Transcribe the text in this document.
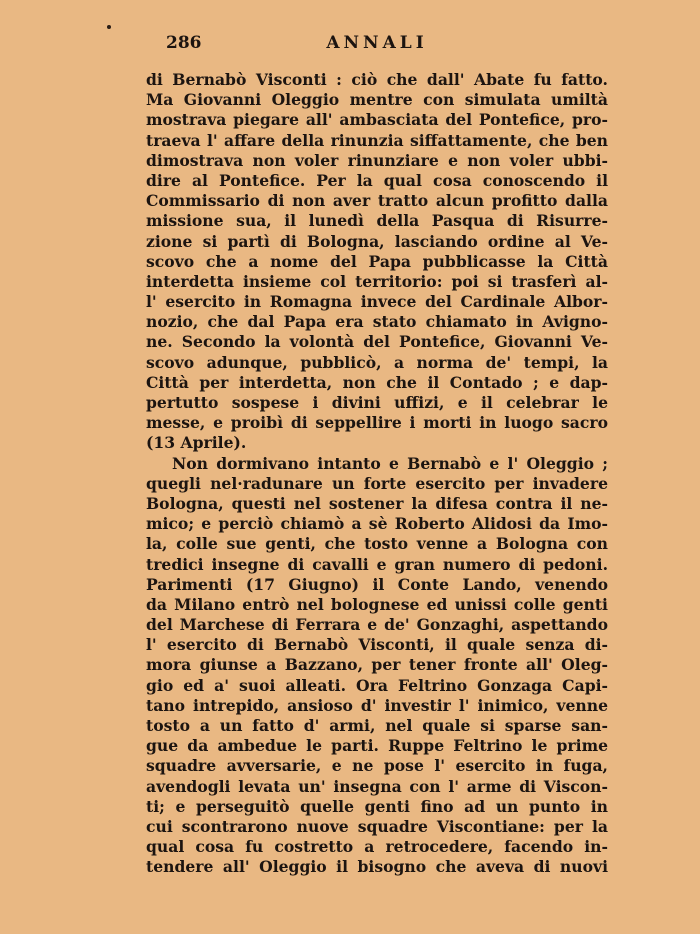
286	ANNALI
di Bernabò Visconti : ciò che dall' Abate fu fatto.
Ma Giovanni Oleggio mentre con simulata umiltà
mostrava piegare all' ambasciata del Pontefice, pro-
traeva l' affare della rinunzia siffattamente, che ben
dimostrava non voler rinunziare e non voler ubbi-
dire al Pontefice. Per la qual cosa conoscendo il
Commissario di non aver tratto alcun profitto dalla
missione sua, il lunedì della Pasqua di Risurre-
zione si partì di Bologna, lasciando ordine al Ve-
scovo che a nome del Papa pubblicasse la Città
interdetta insieme col territorio: poi si trasferì al-
l' esercito in Romagna invece del Cardinale Albor-
nozio, che dal Papa era stato chiamato in Avigno-
ne. Secondo la volontà del Pontefice, Giovanni Ve-
scovo adunque, pubblicò, a norma de' tempi, la
Città per interdetta, non che il Contado ; e dap-
pertutto sospese i divini uffizi, e il celebrar le
messe, e proibì di seppellire i morti in luogo sacro
(13 Aprile).
Non dormivano intanto e Bernabò e l' Oleggio ;
quegli nel·radunare un forte esercito per invadere
Bologna, questi nel sostener la difesa contra il ne-
mico; e perciò chiamò a sè Roberto Alidosi da Imo-
la, colle sue genti, che tosto venne a Bologna con
tredici insegne di cavalli e gran numero di pedoni.
Parimenti (17 Giugno) il Conte Lando, venendo
da Milano entrò nel bolognese ed unissi colle genti
del Marchese di Ferrara e de' Gonzaghi, aspettando
l' esercito di Bernabò Visconti, il quale senza di-
mora giunse a Bazzano, per tener fronte all' Oleg-
gio ed a' suoi alleati. Ora Feltrino Gonzaga Capi-
tano intrepido, ansioso d' investir l' inimico, venne
tosto a un fatto d' armi, nel quale si sparse san-
gue da ambedue le parti. Ruppe Feltrino le prime
squadre avversarie, e ne pose l' esercito in fuga,
avendogli levata un' insegna con l' arme di Viscon-
ti; e perseguitò quelle genti fino ad un punto in
cui scontrarono nuove squadre Viscontiane: per la
qual cosa fu costretto a retrocedere, facendo in-
tendere all' Oleggio il bisogno che aveva di nuovi
